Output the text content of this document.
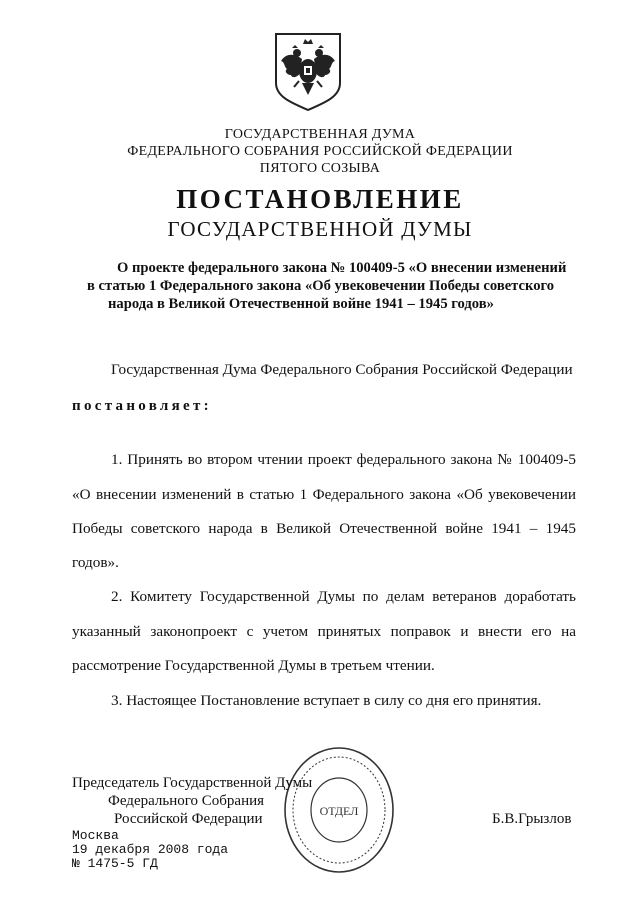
ГОСУДАРСТВЕННАЯ ДУМА
ФЕДЕРАЛЬНОГО СОБРАНИЯ РОССИЙСКОЙ ФЕДЕРАЦИИ
ПЯТОГО СОЗЫВА
ПОСТАНОВЛЕНИЕ
ГОСУДАРСТВЕННОЙ ДУМЫ
О проекте федерального закона № 100409-5 «О внесении изменений
в статью 1 Федерального закона «Об увековечении Победы советского
народа в Великой Отечественной войне 1941 – 1945 годов»
Государственная Дума Федерального Собрания Российской Федерации
постановляет:
1. Принять во втором чтении проект федерального закона № 100409-5
«О внесении изменений в статью 1 Федерального закона «Об увековечении
Победы советского народа в Великой Отечественной войне 1941 – 1945
годов».
2. Комитету Государственной Думы по делам ветеранов доработать
указанный законопроект с учетом принятых поправок и внести его на
рассмотрение Государственной Думы в третьем чтении.
3. Настоящее Постановление вступает в силу со дня его принятия.
ОТДЕЛ
Председатель Государственной Думы
Федерального Собрания
Российской Федерации	Б.В.Грызлов
Москва
19 декабря 2008 года
№ 1475-5 ГД
